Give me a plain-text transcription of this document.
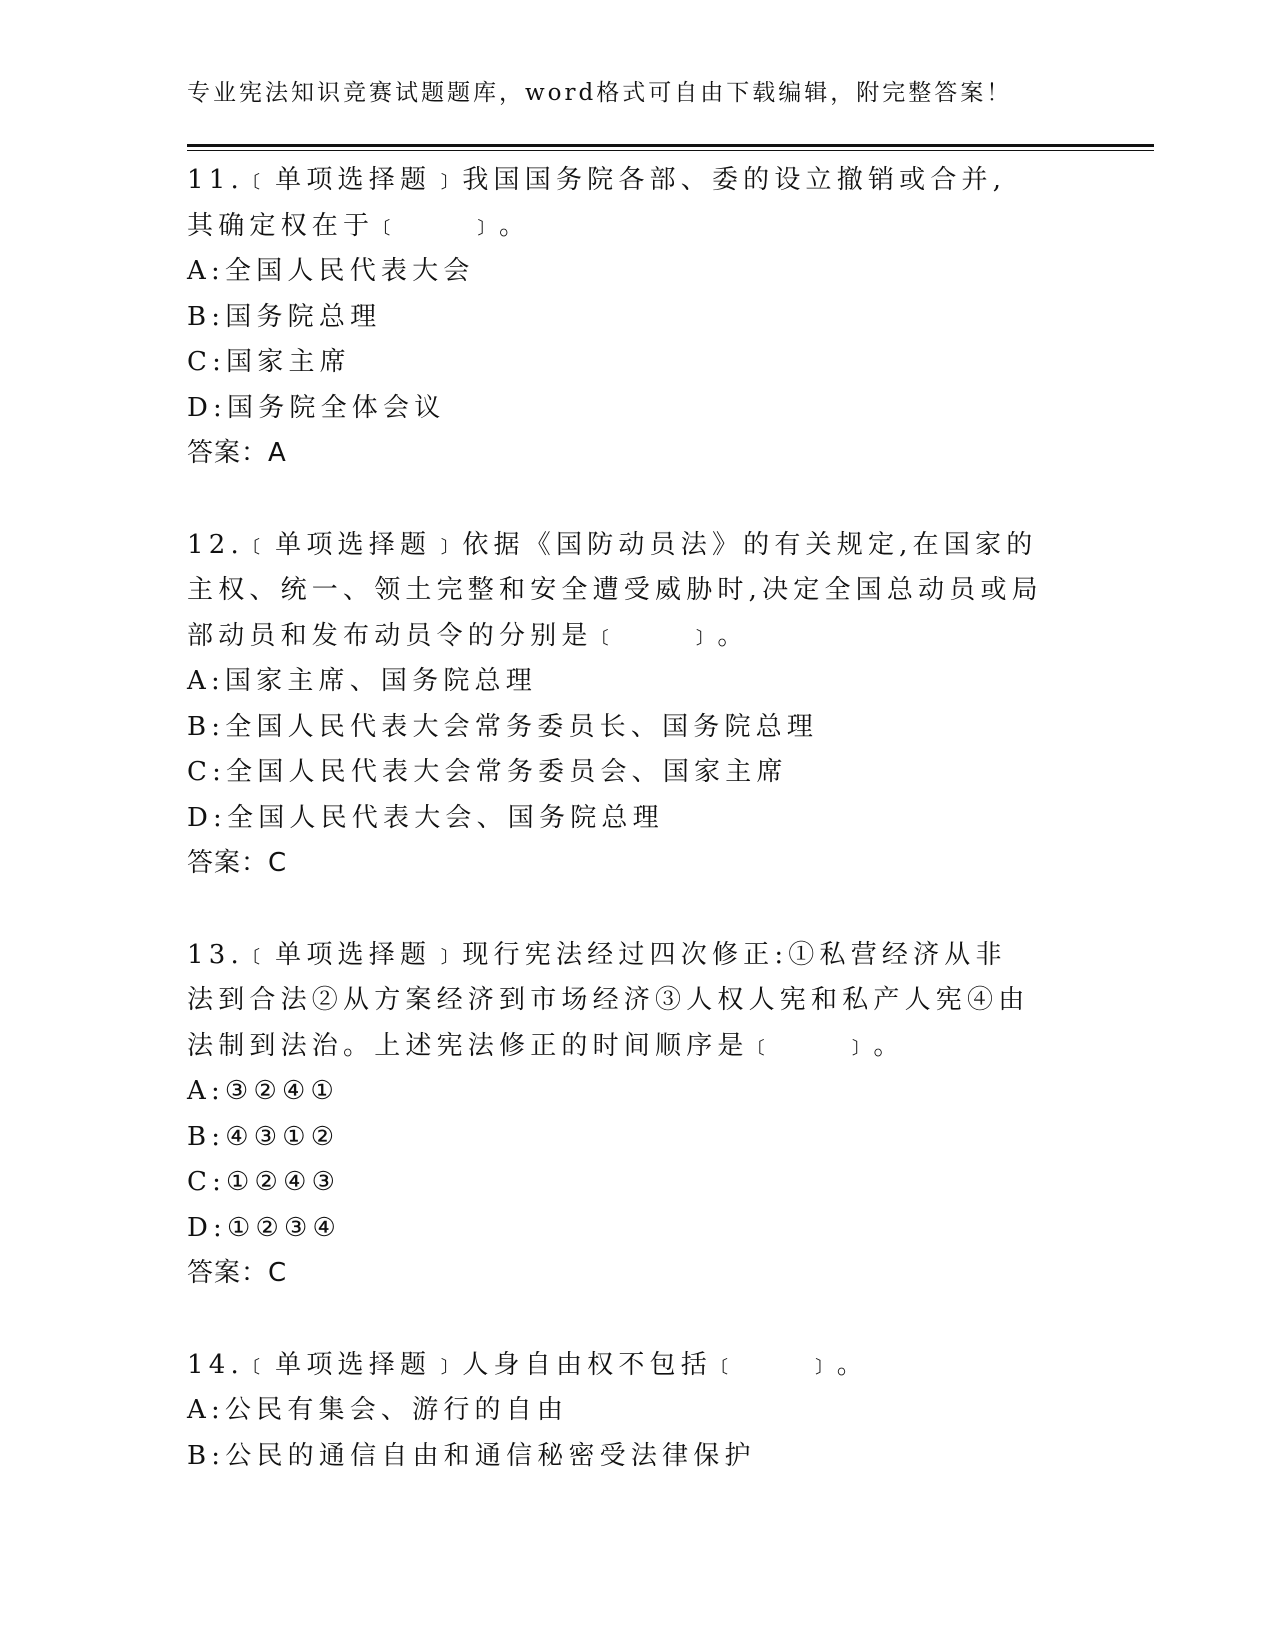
专业宪法知识竞赛试题题库，word格式可自由下载编辑，附完整答案！

11.﹝单项选择题﹞我国国务院各部、委的设立撤销或合并,其确定权在于﹝　　﹞。

A:全国人民代表大会

B:国务院总理

C:国家主席

D:国务院全体会议

答案：A

12.﹝单项选择题﹞依据《国防动员法》的有关规定,在国家的主权、统一、领土完整和安全遭受威胁时,决定全国总动员或局部动员和发布动员令的分别是﹝　　﹞。

A:国家主席、国务院总理

B:全国人民代表大会常务委员长、国务院总理

C:全国人民代表大会常务委员会、国家主席

D:全国人民代表大会、国务院总理

答案：C

13.﹝单项选择题﹞现行宪法经过四次修正:①私营经济从非法到合法②从方案经济到市场经济③人权人宪和私产人宪④由法制到法治。上述宪法修正的时间顺序是﹝　　﹞。

A:③②④①

B:④③①②

C:①②④③

D:①②③④

答案：C

14.﹝单项选择题﹞人身自由权不包括﹝　　﹞。

A:公民有集会、游行的自由

B:公民的通信自由和通信秘密受法律保护
